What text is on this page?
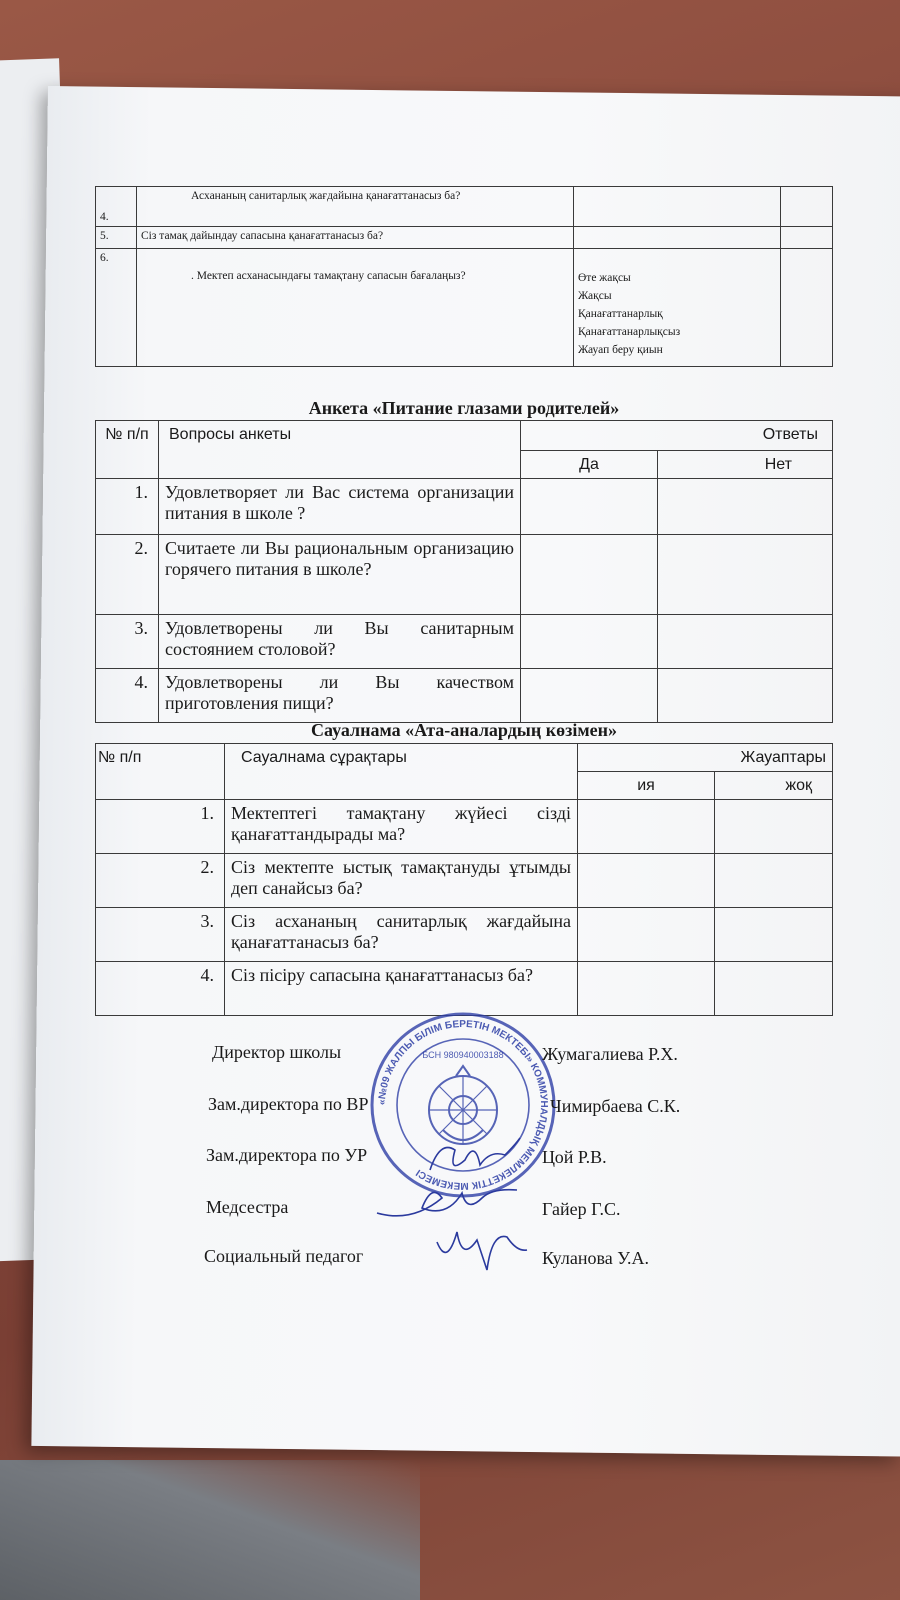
4.	Асхананың санитарлық жағдайына қанағаттанасыз ба?		
5.	Сіз тамақ дайындау сапасына қанағаттанасыз ба?		
6.	. Мектеп асханасындағы тамақтану сапасын бағалаңыз?	Өте жақсы
Жақсы
Қанағаттанарлық
Қанағаттанарлықсыз
Жауап беру қиын	

Анкета «Питание глазами родителей»
№ п/п	Вопросы анкеты	Ответы	
		Да	Нет
1.	Удовлетворяет ли Вас система организации питания в школе ?		
2.	Считаете ли Вы рациональным организацию горячего питания в школе?		
3.	Удовлетворены ли Вы санитарным состоянием столовой?		
4.	Удовлетворены ли Вы качеством приготовления пищи?		
Сауалнама «Ата-аналардың көзімен»
№ п/п	Сауалнама сұрақтары	Жауаптары	
		ия	жоқ
1.	Мектептегі тамақтану жүйесі сізді қанағаттандырады ма?		
2.	Сіз мектепте ыстық тамақтануды ұтымды деп санайсыз ба?		
3.	Сіз асхананың санитарлық жағдайына қанағаттанасыз ба?		
4.	Сіз пісіру сапасына қанағаттанасыз ба?		
«№09 ЖАЛПЫ БІЛІМ БЕРЕТІН МЕКТЕБІ» КОММУНАЛДЫҚ МЕМЛЕКЕТТІК МЕКЕМЕСІ
БСН 980940003188
Директор школы	Жумагалиева Р.Х.
Зам.директора по ВР	Чимирбаева С.К.
Зам.директора по УР	Цой Р.В.
Медсестра	Гайер Г.С.
Социальный педагог	Куланова У.А.
